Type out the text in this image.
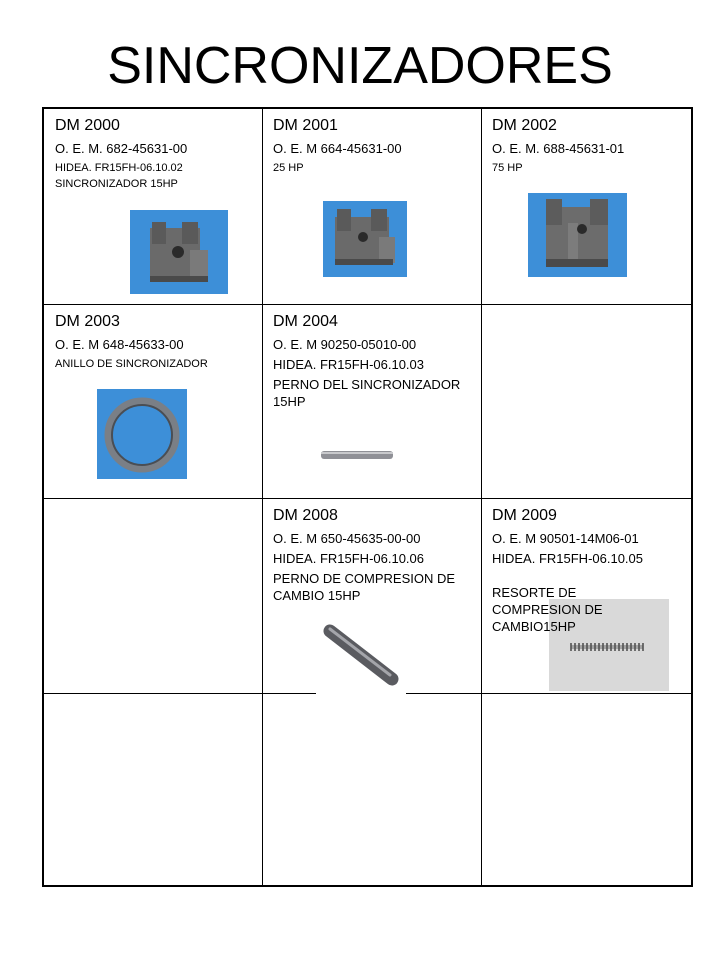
SINCRONIZADORES

DM 2000

O. E. M. 682-45631-00

HIDEA. FR15FH-06.10.02

SINCRONIZADOR 15HP

DM 2001

O. E. M 664-45631-00

25 HP

DM 2002

O. E. M. 688-45631-01

75 HP

DM 2003

O. E. M 648-45633-00

ANILLO DE SINCRONIZADOR

DM 2004

O. E. M 90250-05010-00

HIDEA. FR15FH-06.10.03

PERNO DEL SINCRONIZADOR 15HP

DM 2008

O. E. M 650-45635-00-00

HIDEA. FR15FH-06.10.06

PERNO DE COMPRESION DE CAMBIO 15HP

DM 2009

O. E. M 90501-14M06-01

HIDEA. FR15FH-06.10.05

RESORTE DE COMPRESION DE CAMBIO15HP
